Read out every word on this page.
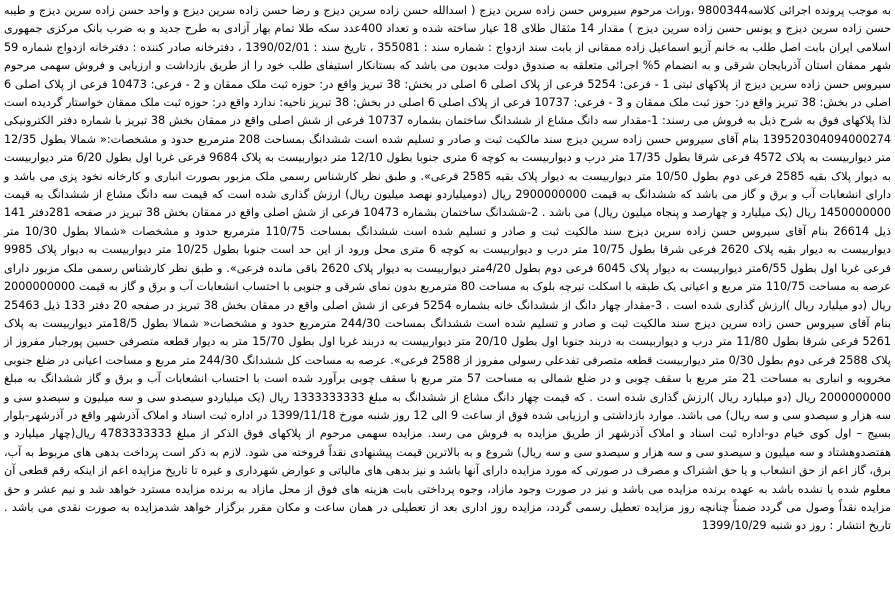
به موجب پرونده اجرائی کلاسه9800344 ،وراث مرحوم سیروس حسن زاده سرین دیزج ( اسدالله حسن زاده سرین دیزج و رضا حسن زاده سرین دیزج و واحد حسن زاده سرین دیزج و طیبه حسن زاده سرین دیزج و یونس حسن زاده سرین دیزج ) مقدار 14 مثقال طلای 18 عیار ساخته شده و تعداد 400عدد سکه طلا تمام بهار آزادی به طرح جدید و به ضرب بانک مرکزی جمهوری اسلامی ایران بابت اصل طلب به خانم آزیو اسماعیل زاده ممقانی از بابت سند ازدواج : شماره سند : 355081 ، تاریخ سند : 1390/02/01 ، دفترخانه صادر کننده : دفترخانه ازدواج شماره 59 شهر ممقان استان آذربایجان شرقی و به انضمام 5% اجرائی متعلقه به صندوق دولت مدیون می باشد که بستانکار استیفای طلب خود را از طریق بازداشت و ارزیابی و فروش سهمی مرحوم سیروس حسن زاده سرین دیزج از پلاکهای ثبتی 1 - فرعی: 5254 فرعی از پلاک اصلی 6 اصلی در بخش: 38 تبریز واقع در: حوزه ثبت ملک ممقان و 2 - فرعی: 10473 فرعی از پلاک اصلی 6 اصلی در بخش: 38 تبریز واقع در: حوز ثبت ملک ممقان و 3 - فرعی: 10737 فرعی از پلاک اصلی 6 اصلی در بخش: 38 تبریز ناحیه: ندارد واقع در: حوزه ثبت ملک ممقان خواستار گردیده است لذا پلاکهای فوق به شرح ذیل به فروش می رسند: 1-مقدار سه دانگ مشاع از ششدانگ ساختمان بشماره 10737 فرعی از شش اصلی واقع در ممقان بخش 38 تبریز با شماره دفتر الکترونیکی 139520304094000274 بنام آقای سیروس حسن زاده سرین دیزج سند مالکیت ثبت و صادر و تسلیم شده است ششدانگ بمساحت 208 مترمربع حدود و مشخصات:« شمالا بطول 12/35 متر دیواربیست به پلاک 4572 فرعی شرقا بطول 17/35 متر درب و دیواربیست به کوچه 6 متری جنوبا بطول 12/10 متر دیواربیست به پلاک 9684 فرعی غربا اول بطول 6/20 متر دیواربیست به دیوار پلاک بقیه 2585 فرعی دوم بطول 10/50 متر دیواربیست به دیوار پلاک بقیه 2585 فرعی». و طبق نظر کارشناس رسمی ملک مزبور بصورت انباری و کارخانه نخود پزی می باشد و دارای انشعابات آب و برق و گاز می باشد که ششدانگ به قیمت 2900000000 ریال (دومیلیاردو نهصد میلیون ریال) ارزش گذاری شده است که قیمت سه دانگ مشاع از ششدانگ به قیمت 1450000000 ریال (یک میلیارد و چهارصد و پنجاه میلیون ریال) می باشد . 2-ششدانگ ساختمان بشماره 10473 فرعی از شش اصلی واقع در ممقان بخش 38 تبریز در صفحه 281دفتر 141 ذیل 26614 بنام آقای سیروس حسن زاده سرین دیزج سند مالکیت ثبت و صادر و تسلیم شده است ششدانگ بمساحت 110/75 مترمربع حدود و مشخصات «شمالا بطول 10/30 متر دیواربیست به دیوار بقیه پلاک 2620 فرعی شرقا بطول 10/75 متر درب و دیواربیست به کوچه 6 متری محل ورود از این حد است جنوبا بطول 10/25 متر دیواربیست به دیوار پلاک 9985 فرعی غربا اول بطول 6/55متر دیواربیست به دیوار پلاک 6045 فرعی دوم بطول 4/20متر دیواربیست به دیوار پلاک 2620 باقی مانده فرعی». و طبق نظر کارشناس رسمی ملک مزبور دارای عرصه به مساحت 110/75 متر مربع و اعیانی یک طبقه با اسکلت تیرچه بلوک به مساحت 80 مترمربع بدون نمای شرقی و جنوبی با احتساب انشعابات آب و برق و گاز به قیمت 2000000000 ریال (دو میلیارد ریال )ارزش گذاری شده است . 3-مقدار چهار دانگ از ششدانگ خانه بشماره 5254 فرعی از شش اصلی واقع در ممقان بخش 38 تبریز در صفحه 20 دفتر 133 ذیل 25463 بنام آقای سیروس حسن زاده سرین دیزج سند مالکیت ثبت و صادر و تسلیم شده است ششدانگ بمساحت 244/30 مترمربع حدود و مشخصات« شمالا بطول 18/5متر دیواربیست به پلاک 5261 فرعی شرقا بطول 11/80 متر درب و دیواربیست به دربند جنوبا اول بطول 20/10 متر دیواربیست به دربند غربا اول بطول 15/70 متر به دیوار قطعه متصرفی حسین پورجبار مفروز از پلاک 2588 فرعی دوم بطول 0/30 متر دیواربیست قطعه متصرفی تفدعلی رسولی مفروز از 2588 فرعی». عرصه به مساحت کل ششدانگ 244/30 متر مربع و مساحت اعیانی در ضلع جنوبی مخروبه و انباری به مساحت 21 متر مربع با سقف چوبی و در ضلع شمالی به مساحت 57 متر مربع با سقف چوبی برآورد شده است با احتساب انشعابات آب و برق و گاز ششدانگ به مبلغ 2000000000 ریال (دو میلیارد ریال )ارزش گذاری شده است . که قیمت چهار دانگ مشاع از ششدانگ به مبلغ 1333333333 ریال (یک میلیاردو سیصدو سی و سه میلیون و سیصدو سی و سه هزار و سیصدو سی و سه ریال) می باشد. موارد بازداشتی و ارزیابی شده فوق از ساعت 9 الی 12 روز شنبه مورخ 1399/11/18 در اداره ثبت اسناد و املاک آذرشهر واقع در آذرشهر-بلوار بسیج – اول کوی خیام دو-اداره ثبت اسناد و املاک آذرشهر از طریق مزایده به فروش می رسد. مزایده سهمی مرحوم از پلاکهای فوق الذکر از مبلغ 4783333333 ریال(چهار میلیارد و هفتصدوهشتاد و سه میلیون و سیصدو سی و سه هزار و سیصدو سی و سه ریال) شروع و به بالاترین قیمت پیشنهادی نقداً فروخته می شود. لازم به ذکر است پرداخت بدهی های مربوط به آب، برق، گاز اعم از حق انشعاب و یا حق اشتراک و مصرف در صورتی که مورد مزایده دارای آنها باشد و نیز بدهی های مالیاتی و عوارض شهرداری و غیره تا تاریخ مزایده اعم از اینکه رقم قطعی آن معلوم شده یا نشده باشد به عهده برنده مزایده می باشد و نیز در صورت وجود مازاد، وجوه پرداختی بابت هزینه های فوق از محل مازاد به برنده مزایده مسترد خواهد شد و نیم عشر و حق مزایده نقداً وصول می گردد ضمناً چنانچه روز مزایده تعطیل رسمی گردد، مزایده روز اداری بعد از تعطیلی در همان ساعت و مکان مقرر برگزار خواهد شدمزایده به صورت نقدی می باشد . تاریخ انتشار : روز دو شنبه 1399/10/29
